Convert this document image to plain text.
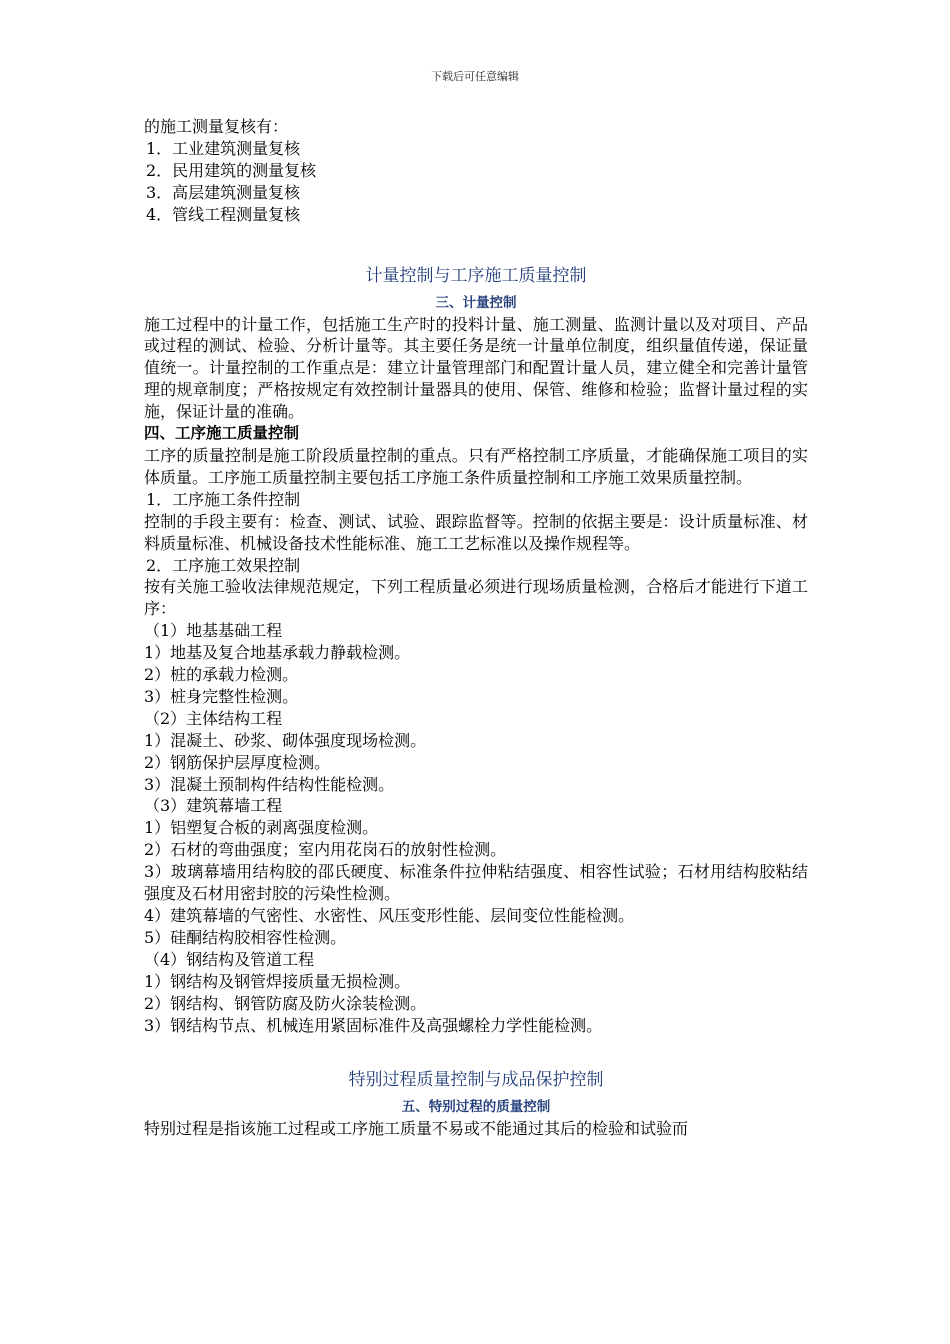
下载后可任意编辑
的施工测量复核有：
1．工业建筑测量复核
2．民用建筑的测量复核
3．高层建筑测量复核
4．管线工程测量复核
计量控制与工序施工质量控制
三、计量控制
施工过程中的计量工作，包括施工生产时的投料计量、施工测量、监测计量以及对项目、产品或过程的测试、检验、分析计量等。其主要任务是统一计量单位制度，组织量值传递，保证量值统一。计量控制的工作重点是：建立计量管理部门和配置计量人员，建立健全和完善计量管理的规章制度；严格按规定有效控制计量器具的使用、保管、维修和检验；监督计量过程的实施，保证计量的准确。
四、工序施工质量控制
工序的质量控制是施工阶段质量控制的重点。只有严格控制工序质量，才能确保施工项目的实体质量。工序施工质量控制主要包括工序施工条件质量控制和工序施工效果质量控制。
1．工序施工条件控制
控制的手段主要有：检查、测试、试验、跟踪监督等。控制的依据主要是：设计质量标准、材料质量标准、机械设备技术性能标准、施工工艺标准以及操作规程等。
2．工序施工效果控制
按有关施工验收法律规范规定，下列工程质量必须进行现场质量检测，合格后才能进行下道工序：
（1）地基基础工程
1）地基及复合地基承载力静载检测。
2）桩的承载力检测。
3）桩身完整性检测。
（2）主体结构工程
1）混凝土、砂浆、砌体强度现场检测。
2）钢筋保护层厚度检测。
3）混凝土预制构件结构性能检测。
（3）建筑幕墙工程
1）铝塑复合板的剥离强度检测。
2）石材的弯曲强度；室内用花岗石的放射性检测。
3）玻璃幕墙用结构胶的邵氏硬度、标准条件拉伸粘结强度、相容性试验；石材用结构胶粘结强度及石材用密封胶的污染性检测。
4）建筑幕墙的气密性、水密性、风压变形性能、层间变位性能检测。
5）硅酮结构胶相容性检测。
（4）钢结构及管道工程
1）钢结构及钢管焊接质量无损检测。
2）钢结构、钢管防腐及防火涂装检测。
3）钢结构节点、机械连用紧固标准件及高强螺栓力学性能检测。
特别过程质量控制与成品保护控制
五、特别过程的质量控制
特别过程是指该施工过程或工序施工质量不易或不能通过其后的检验和试验而
